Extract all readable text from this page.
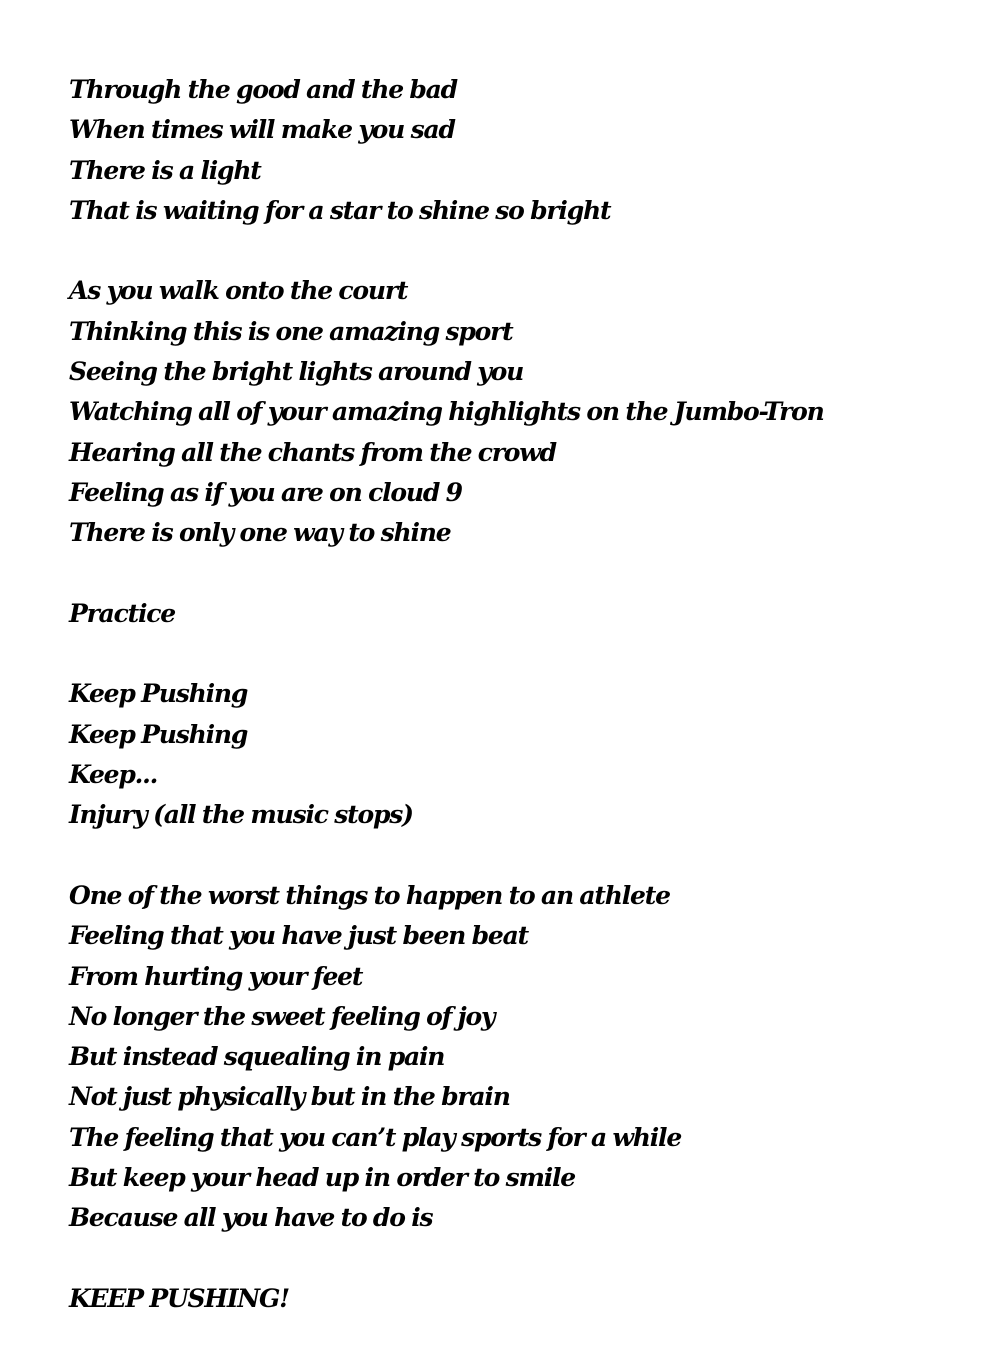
Through the good and the bad
When times will make you sad
There is a light
That is waiting for a star to shine so bright
As you walk onto the court
Thinking this is one amazing sport
Seeing the bright lights around you
Watching all of your amazing highlights on the Jumbo-Tron
Hearing all the chants from the crowd
Feeling as if you are on cloud 9
There is only one way to shine
Practice
Keep Pushing
Keep Pushing
Keep...
Injury (all the music stops)
One of the worst things to happen to an athlete
Feeling that you have just been beat
From hurting your feet
No longer the sweet feeling of joy
But instead squealing in pain
Not just physically but in the brain
The feeling that you can’t play sports for a while
But keep your head up in order to smile
Because all you have to do is
KEEP PUSHING!
